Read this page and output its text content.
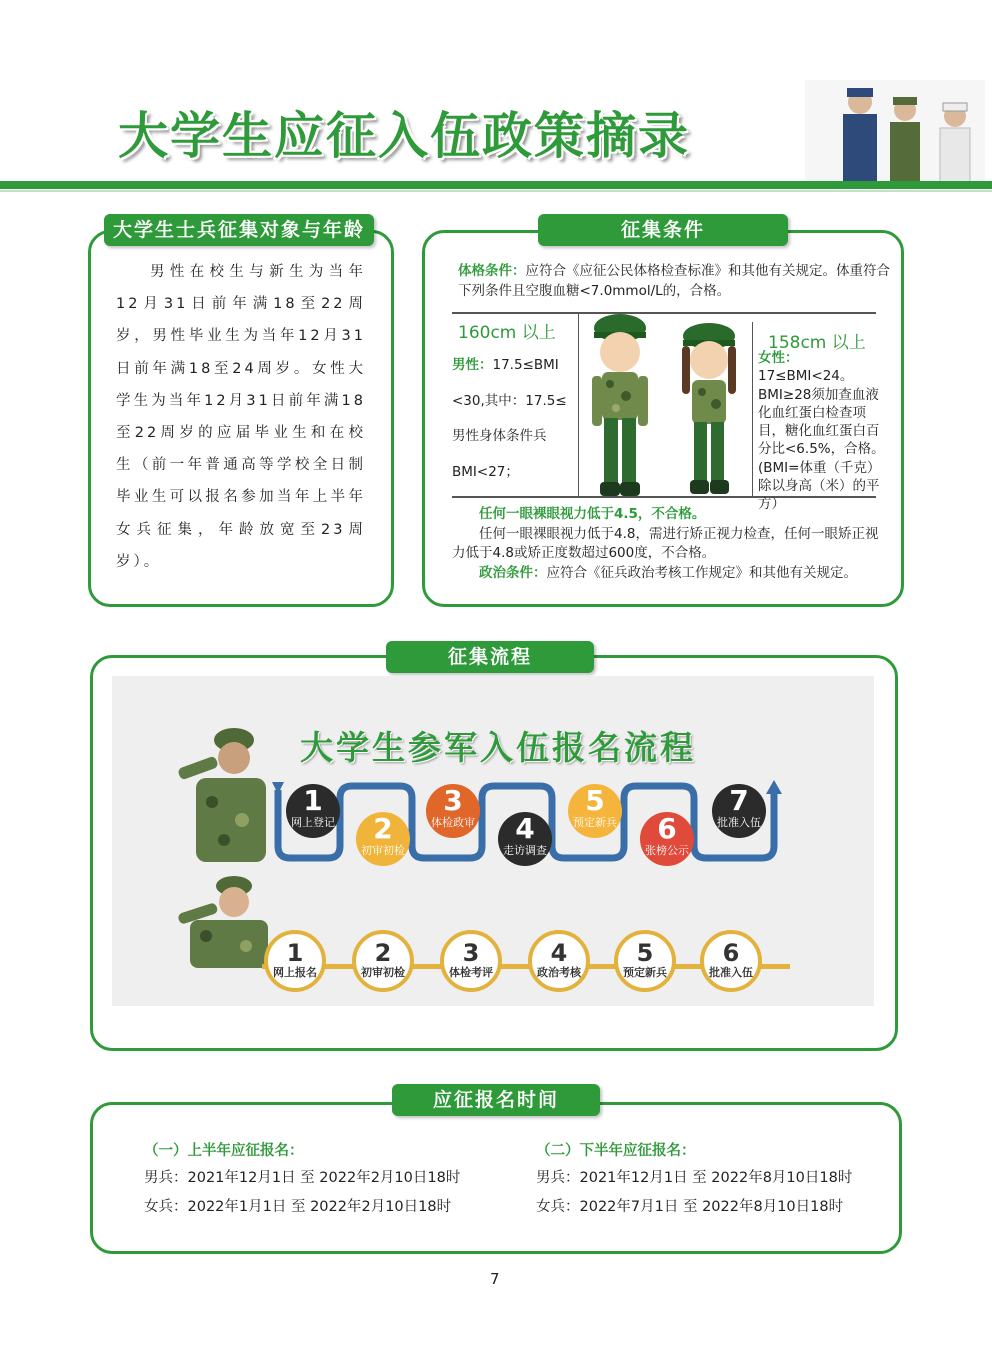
大学生应征入伍政策摘录
大学生士兵征集对象与年龄
男性在校生与新生为当年12月31日前年满18至22周岁，男性毕业生为当年12月31日前年满18至24周岁。女性大学生为当年12月31日前年满18至22周岁的应届毕业生和在校生（前一年普通高等学校全日制毕业生可以报名参加当年上半年女兵征集，年龄放宽至23周岁）。
征集条件
体格条件：应符合《应征公民体格检查标准》和其他有关规定。体重符合下列条件且空腹血糖<7.0mmol/L的，合格。
160cm 以上
男性：17.5≤BMI
<30,其中：17.5≤
男性身体条件兵
BMI<27；
158cm 以上
女性：17≤BMI<24。BMI≥28须加查血液化血红蛋白检查项目，糖化血红蛋白百分比<6.5%，合格。(BMI=体重（千克）除以身高（米）的平方）
任何一眼裸眼视力低于4.5，不合格。
任何一眼裸眼视力低于4.8，需进行矫正视力检查，任何一眼矫正视力低于4.8或矫正度数超过600度，不合格。
政治条件：应符合《征兵政治考核工作规定》和其他有关规定。
征集流程
大学生参军入伍报名流程
1
网上登记	2
初审初检
3
体检政审	4
走访调查
5
预定新兵	6
张榜公示
7
批准入伍
1
网上报名
2
初审初检
3
体检考评
4
政治考核
5
预定新兵
6
批准入伍
应征报名时间
（一）上半年应征报名：
男兵：2021年12月1日 至 2022年2月10日18时
女兵：2022年1月1日 至 2022年2月10日18时
（二）下半年应征报名：
男兵：2021年12月1日 至 2022年8月10日18时
女兵：2022年7月1日 至 2022年8月10日18时
7
